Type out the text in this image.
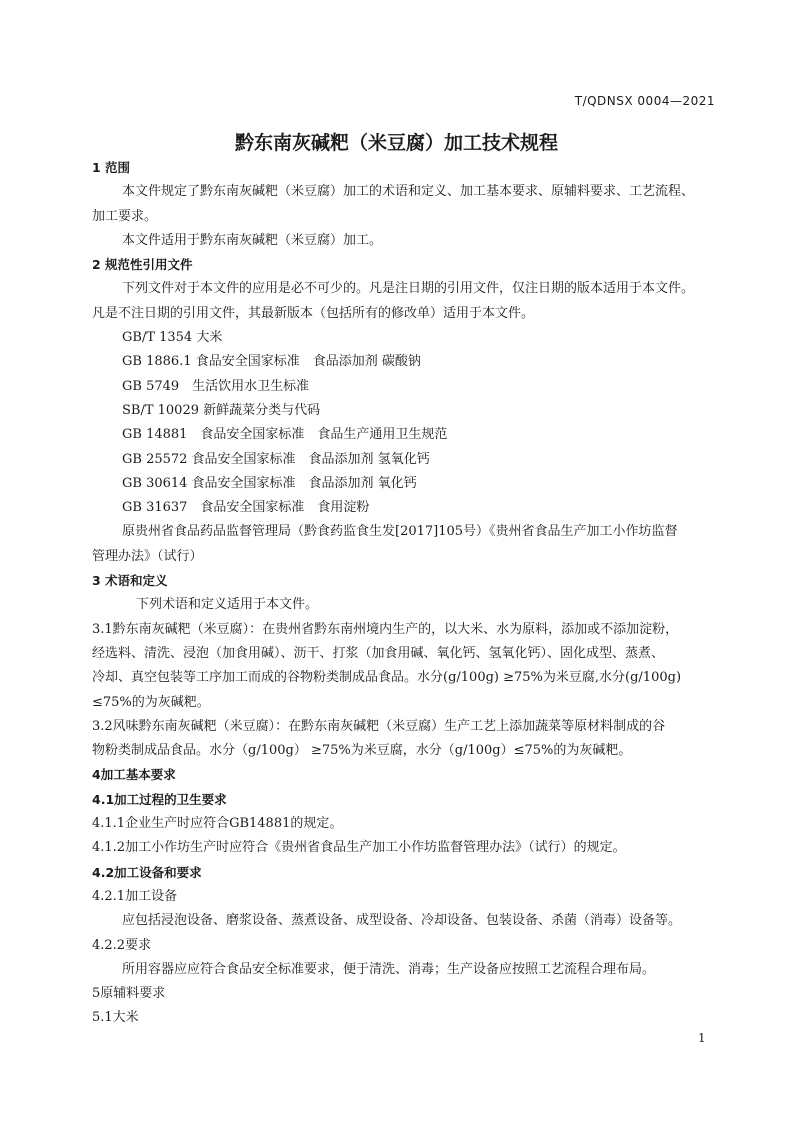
T/QDNSX 0004—2021
黔东南灰碱粑（米豆腐）加工技术规程
1 范围
本文件规定了黔东南灰碱粑（米豆腐）加工的术语和定义、加工基本要求、原辅料要求、工艺流程、
加工要求。
本文件适用于黔东南灰碱粑（米豆腐）加工。
2 规范性引用文件
下列文件对于本文件的应用是必不可少的。凡是注日期的引用文件，仅注日期的版本适用于本文件。
凡是不注日期的引用文件，其最新版本（包括所有的修改单）适用于本文件。
GB/T 1354 大米
GB 1886.1 食品安全国家标准　食品添加剂 碳酸钠
GB 5749　生活饮用水卫生标准
SB/T 10029 新鲜蔬菜分类与代码
GB 14881　食品安全国家标准　食品生产通用卫生规范
GB 25572 食品安全国家标准　食品添加剂 氢氧化钙
GB 30614 食品安全国家标准　食品添加剂 氧化钙
GB 31637　食品安全国家标准　食用淀粉
原贵州省食品药品监督管理局（黔食药监食生发[2017]105号）《贵州省食品生产加工小作坊监督
管理办法》（试行）
3 术语和定义
下列术语和定义适用于本文件。
3.1黔东南灰碱粑（米豆腐）：在贵州省黔东南州境内生产的，以大米、水为原料，添加或不添加淀粉，
经选料、清洗、浸泡（加食用碱）、沥干、打浆（加食用碱、氧化钙、氢氧化钙）、固化成型、蒸煮、
冷却、真空包装等工序加工而成的谷物粉类制成品食品。水分(g/100g) ≥75%为米豆腐,水分(g/100g)
≤75%的为灰碱粑。
3.2风味黔东南灰碱粑（米豆腐）：在黔东南灰碱粑（米豆腐）生产工艺上添加蔬菜等原材料制成的谷
物粉类制成品食品。水分（g/100g） ≥75%为米豆腐，水分（g/100g）≤75%的为灰碱粑。
4加工基本要求
4.1加工过程的卫生要求
4.1.1企业生产时应符合GB14881的规定。
4.1.2加工小作坊生产时应符合《贵州省食品生产加工小作坊监督管理办法》（试行）的规定。
4.2加工设备和要求
4.2.1加工设备
应包括浸泡设备、磨浆设备、蒸煮设备、成型设备、冷却设备、包装设备、杀菌（消毒）设备等。
4.2.2要求
所用容器应应符合食品安全标准要求，便于清洗、消毒；生产设备应按照工艺流程合理布局。
5原辅料要求
5.1大米
1
